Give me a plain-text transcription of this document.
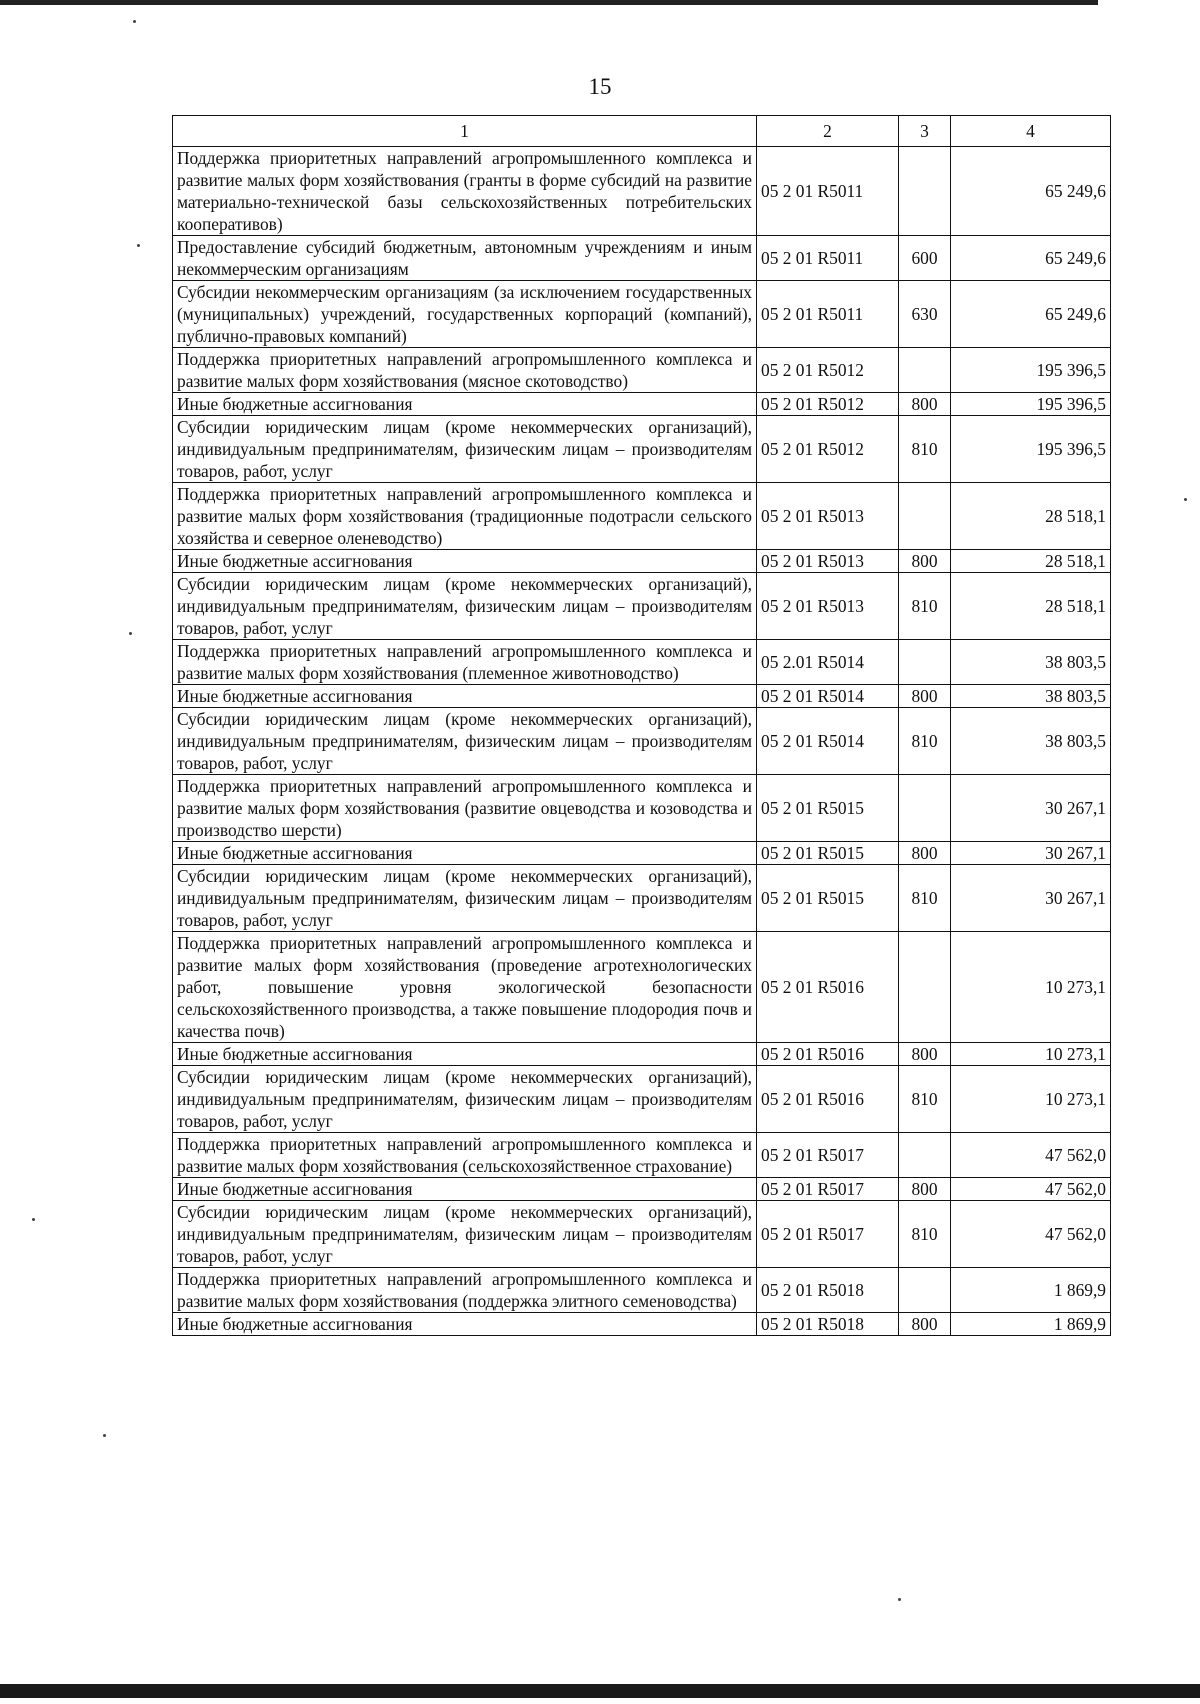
15
1	2	3	4
Поддержка приоритетных направлений агропромышленного комплекса и развитие малых форм хозяйствования (гранты в форме субсидий на развитие материально-технической базы сельскохозяйственных потребительских кооперативов)	05 2 01 R5011		65 249,6
Предоставление субсидий бюджетным, автономным учреждениям и иным некоммерческим организациям	05 2 01 R5011	600	65 249,6
Субсидии некоммерческим организациям (за исключением государственных (муниципальных) учреждений, государственных корпораций (компаний), публично-правовых компаний)	05 2 01 R5011	630	65 249,6
Поддержка приоритетных направлений агропромышленного комплекса и развитие малых форм хозяйствования (мясное скотоводство)	05 2 01 R5012		195 396,5
Иные бюджетные ассигнования	05 2 01 R5012	800	195 396,5
Субсидии юридическим лицам (кроме некоммерческих организаций), индивидуальным предпринимателям, физическим лицам – производителям товаров, работ, услуг	05 2 01 R5012	810	195 396,5
Поддержка приоритетных направлений агропромышленного комплекса и развитие малых форм хозяйствования (традиционные подотрасли сельского хозяйства и северное оленеводство)	05 2 01 R5013		28 518,1
Иные бюджетные ассигнования	05 2 01 R5013	800	28 518,1
Субсидии юридическим лицам (кроме некоммерческих организаций), индивидуальным предпринимателям, физическим лицам – производителям товаров, работ, услуг	05 2 01 R5013	810	28 518,1
Поддержка приоритетных направлений агропромышленного комплекса и развитие малых форм хозяйствования (племенное животноводство)	05 2.01 R5014		38 803,5
Иные бюджетные ассигнования	05 2 01 R5014	800	38 803,5
Субсидии юридическим лицам (кроме некоммерческих организаций), индивидуальным предпринимателям, физическим лицам – производителям товаров, работ, услуг	05 2 01 R5014	810	38 803,5
Поддержка приоритетных направлений агропромышленного комплекса и развитие малых форм хозяйствования (развитие овцеводства и козоводства и производство шерсти)	05 2 01 R5015		30 267,1
Иные бюджетные ассигнования	05 2 01 R5015	800	30 267,1
Субсидии юридическим лицам (кроме некоммерческих организаций), индивидуальным предпринимателям, физическим лицам – производителям товаров, работ, услуг	05 2 01 R5015	810	30 267,1
Поддержка приоритетных направлений агропромышленного комплекса и развитие малых форм хозяйствования (проведение агротехнологических работ, повышение уровня экологической безопасности сельскохозяйственного производства, а также повышение плодородия почв и качества почв)	05 2 01 R5016		10 273,1
Иные бюджетные ассигнования	05 2 01 R5016	800	10 273,1
Субсидии юридическим лицам (кроме некоммерческих организаций), индивидуальным предпринимателям, физическим лицам – производителям товаров, работ, услуг	05 2 01 R5016	810	10 273,1
Поддержка приоритетных направлений агропромышленного комплекса и развитие малых форм хозяйствования (сельскохозяйственное страхование)	05 2 01 R5017		47 562,0
Иные бюджетные ассигнования	05 2 01 R5017	800	47 562,0
Субсидии юридическим лицам (кроме некоммерческих организаций), индивидуальным предпринимателям, физическим лицам – производителям товаров, работ, услуг	05 2 01 R5017	810	47 562,0
Поддержка приоритетных направлений агропромышленного комплекса и развитие малых форм хозяйствования (поддержка элитного семеноводства)	05 2 01 R5018		1 869,9
Иные бюджетные ассигнования	05 2 01 R5018	800	1 869,9
